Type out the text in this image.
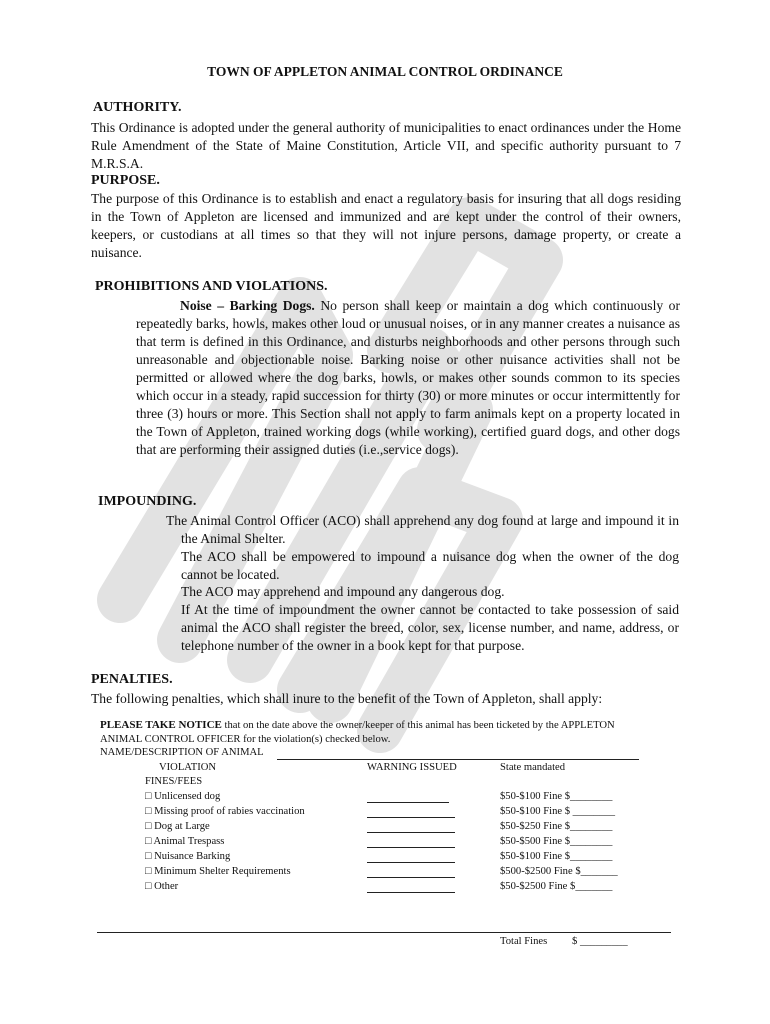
TOWN OF APPLETON ANIMAL CONTROL ORDINANCE
AUTHORITY.
This Ordinance is adopted under the general authority of municipalities to enact ordinances under the Home Rule Amendment of the State of Maine Constitution, Article VII, and specific authority pursuant to 7 M.R.S.A.
PURPOSE.
The purpose of this Ordinance is to establish and enact a regulatory basis for insuring that all dogs residing in the Town of Appleton are licensed and immunized and are kept under the control of their owners, keepers, or custodians at all times so that they will not injure persons, damage property, or create a nuisance.
PROHIBITIONS AND VIOLATIONS.
Noise – Barking Dogs. No person shall keep or maintain a dog which continuously or repeatedly barks, howls, makes other loud or unusual noises, or in any manner creates a nuisance as that term is defined in this Ordinance, and disturbs neighborhoods and other persons through such unreasonable and objectionable noise. Barking noise or other nuisance activities shall not be permitted or allowed where the dog barks, howls, or makes other sounds common to its species which occur in a steady, rapid succession for thirty (30) or more minutes or occur intermittently for three (3) hours or more. This Section shall not apply to farm animals kept on a property located in the Town of Appleton, trained working dogs (while working), certified guard dogs, and other dogs that are performing their assigned duties (i.e.,service dogs).
IMPOUNDING.
The Animal Control Officer (ACO) shall apprehend any dog found at large and impound it in the Animal Shelter.
The ACO shall be empowered to impound a nuisance dog when the owner of the dog cannot be located.
The ACO may apprehend and impound any dangerous dog.
If At the time of impoundment the owner cannot be contacted to take possession of said animal the ACO shall register the breed, color, sex, license number, and name, address, or telephone number of the owner in a book kept for that purpose.
PENALTIES.
The following penalties, which shall inure to the benefit of the Town of Appleton, shall apply:
PLEASE TAKE NOTICE that on the date above the owner/keeper of this animal has been ticketed by the APPLETON
ANIMAL CONTROL OFFICER for the violation(s) checked below.
NAME/DESCRIPTION OF ANIMAL
VIOLATION
FINES/FEES
WARNING ISSUED	State mandated
□ Unlicensed dog	$50-$100 Fine $________
□ Missing proof of rabies vaccination	$50-$100 Fine $ ________
□ Dog at Large	$50-$250 Fine $________
□ Animal Trespass	$50-$500 Fine $________
□ Nuisance Barking	$50-$100 Fine $________
□ Minimum Shelter Requirements	$500-$2500 Fine $_______
□ Other	$50-$2500 Fine $_______
Total Fines $ _________
